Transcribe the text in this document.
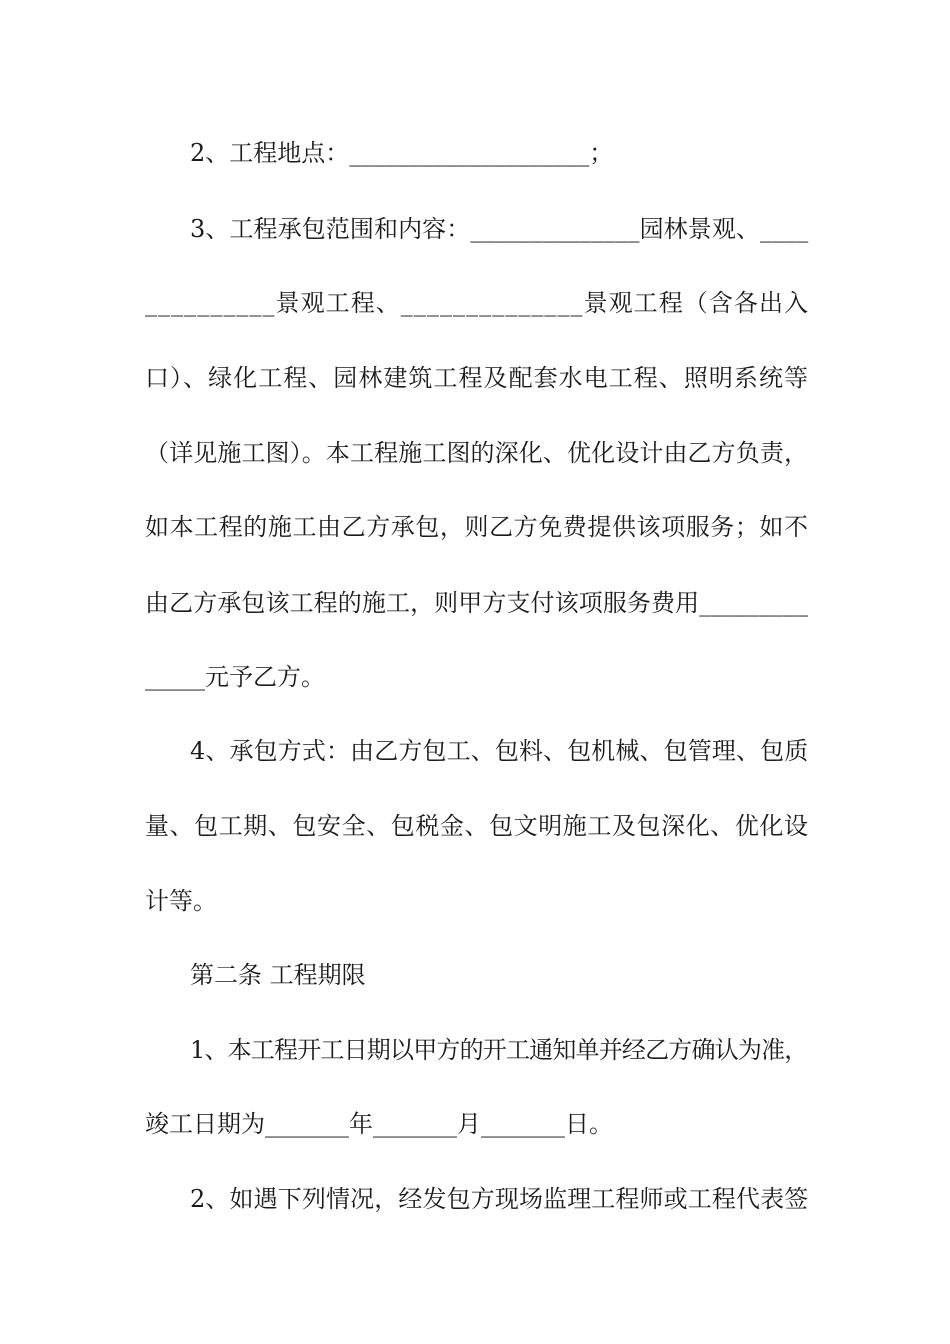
2、工程地点：____________________；
3、工程承包范围和内容：______________园林景观、____
__________景观工程、______________景观工程（含各出入
口）、绿化工程、园林建筑工程及配套水电工程、照明系统等
（详见施工图）。本工程施工图的深化、优化设计由乙方负责，
如本工程的施工由乙方承包，则乙方免费提供该项服务；如不
由乙方承包该工程的施工，则甲方支付该项服务费用_________
_____元予乙方。
4、承包方式：由乙方包工、包料、包机械、包管理、包质
量、包工期、包安全、包税金、包文明施工及包深化、优化设
计等。
第二条 工程期限
1、本工程开工日期以甲方的开工通知单并经乙方确认为准，
竣工日期为_______年_______月_______日。
2、如遇下列情况，经发包方现场监理工程师或工程代表签
